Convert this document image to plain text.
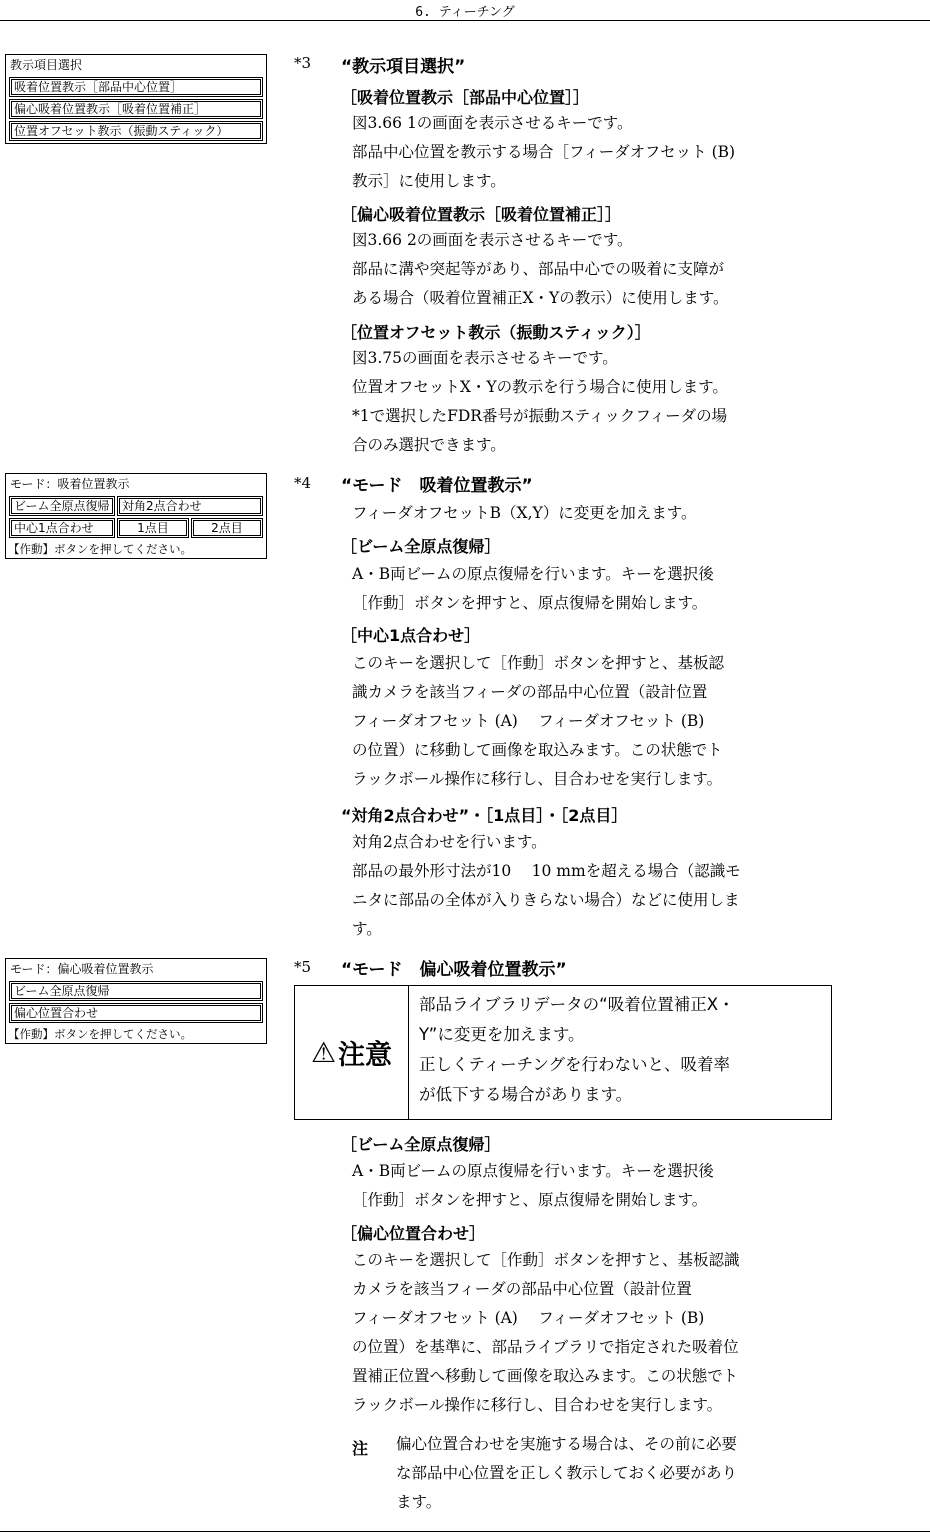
6. ティーチング
教示項目選択
吸着位置教示［部品中心位置］
偏心吸着位置教示［吸着位置補正］
位置オフセット教示（振動スティック）
モード：吸着位置教示
ビーム全原点復帰	対角2点合わせ
中心1点合わせ	1点目	2点目
【作動】ボタンを押してください。
モード：偏心吸着位置教示
ビーム全原点復帰
偏心位置合わせ
【作動】ボタンを押してください。
*3 “教示項目選択”
［吸着位置教示［部品中心位置］］
図3.66 1の画面を表示させるキーです。
部品中心位置を教示する場合［フィーダオフセット (B)
教示］に使用します。
［偏心吸着位置教示［吸着位置補正］］
図3.66 2の画面を表示させるキーです。
部品に溝や突起等があり、部品中心での吸着に支障が
ある場合（吸着位置補正X・Yの教示）に使用します。
［位置オフセット教示（振動スティック）］
図3.75の画面を表示させるキーです。
位置オフセットX・Yの教示を行う場合に使用します。
*1で選択したFDR番号が振動スティックフィーダの場
合のみ選択できます。
*4 “モード　吸着位置教示”
フィーダオフセットB（X,Y）に変更を加えます。
［ビーム全原点復帰］
A・B両ビームの原点復帰を行います。キーを選択後
［作動］ボタンを押すと、原点復帰を開始します。
［中心1点合わせ］
このキーを選択して［作動］ボタンを押すと、基板認
識カメラを該当フィーダの部品中心位置（設計位置
フィーダオフセット (A)　 フィーダオフセット (B)
の位置）に移動して画像を取込みます。この状態でト
ラックボール操作に移行し、目合わせを実行します。
“対角2点合わせ”・［1点目］・［2点目］
対角2点合わせを行います。
部品の最外形寸法が10　 10 mmを超える場合（認識モ
ニタに部品の全体が入りきらない場合）などに使用しま
す。
*5 “モード　偏心吸着位置教示”
⚠ 注意
部品ライブラリデータの“吸着位置補正X・
Y”に変更を加えます。
正しくティーチングを行わないと、吸着率
が低下する場合があります。
［ビーム全原点復帰］
A・B両ビームの原点復帰を行います。キーを選択後
［作動］ボタンを押すと、原点復帰を開始します。
［偏心位置合わせ］
このキーを選択して［作動］ボタンを押すと、基板認識
カメラを該当フィーダの部品中心位置（設計位置
フィーダオフセット (A)　 フィーダオフセット (B)
の位置）を基準に、部品ライブラリで指定された吸着位
置補正位置へ移動して画像を取込みます。この状態でト
ラックボール操作に移行し、目合わせを実行します。
注 偏心位置合わせを実施する場合は、その前に必要
な部品中心位置を正しく教示しておく必要があり
ます。
